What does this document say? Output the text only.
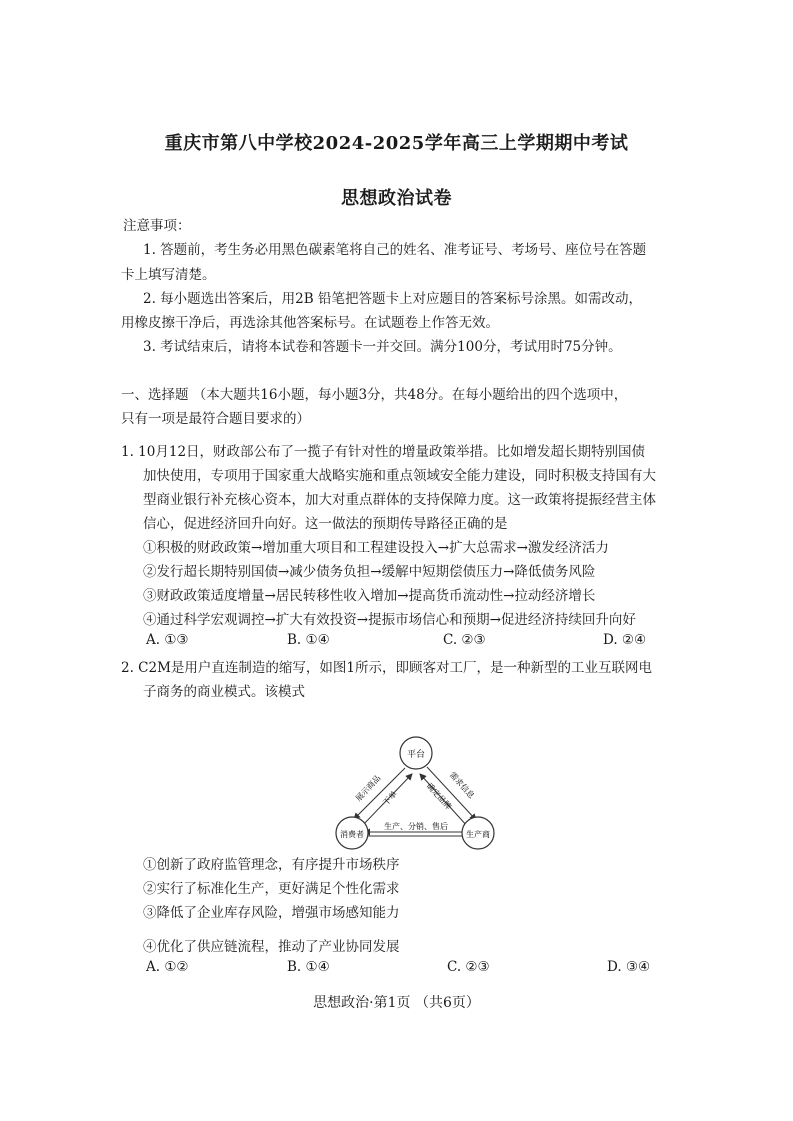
重庆市第八中学校2024-2025学年高三上学期期中考试
思想政治试卷
注意事项：
1. 答题前，考生务必用黑色碳素笔将自己的姓名、准考证号、考场号、座位号在答题
卡上填写清楚。
2. 每小题选出答案后，用2B 铅笔把答题卡上对应题目的答案标号涂黑。如需改动，
用橡皮擦干净后，再选涂其他答案标号。在试题卷上作答无效。
3. 考试结束后，请将本试卷和答题卡一并交回。满分100分，考试用时75分钟。
一、选择题 （本大题共16小题，每小题3分，共48分。在每小题给出的四个选项中，
只有一项是最符合题目要求的）
1. 10月12日，财政部公布了一揽子有针对性的增量政策举措。比如增发超长期特别国债
加快使用，专项用于国家重大战略实施和重点领域安全能力建设，同时积极支持国有大
型商业银行补充核心资本，加大对重点群体的支持保障力度。这一政策将提振经营主体
信心，促进经济回升向好。这一做法的预期传导路径正确的是
①积极的财政政策→增加重大项目和工程建设投入→扩大总需求→激发经济活力
②发行超长期特别国债→减少债务负担→缓解中短期偿债压力→降低债务风险
③财政政策适度增量→居民转移性收入增加→提高货币流动性→拉动经济增长
④通过科学宏观调控→扩大有效投资→提振市场信心和预期→促进经济持续回升向好
A. ①③	B. ①④	C. ②③	D. ②④
2. C2M是用户直连制造的缩写，如图1所示，即顾客对工厂，是一种新型的工业互联网电
子商务的商业模式。该模式
平台
消费者	生产商
展示商品 下单	需求信息
确定品牌
生产、分销、售后
①创新了政府监管理念，有序提升市场秩序
②实行了标准化生产，更好满足个性化需求
③降低了企业库存风险，增强市场感知能力
④优化了供应链流程，推动了产业协同发展
A. ①②	B. ①④	C. ②③	D. ③④
思想政治·第1页 （共6页）
